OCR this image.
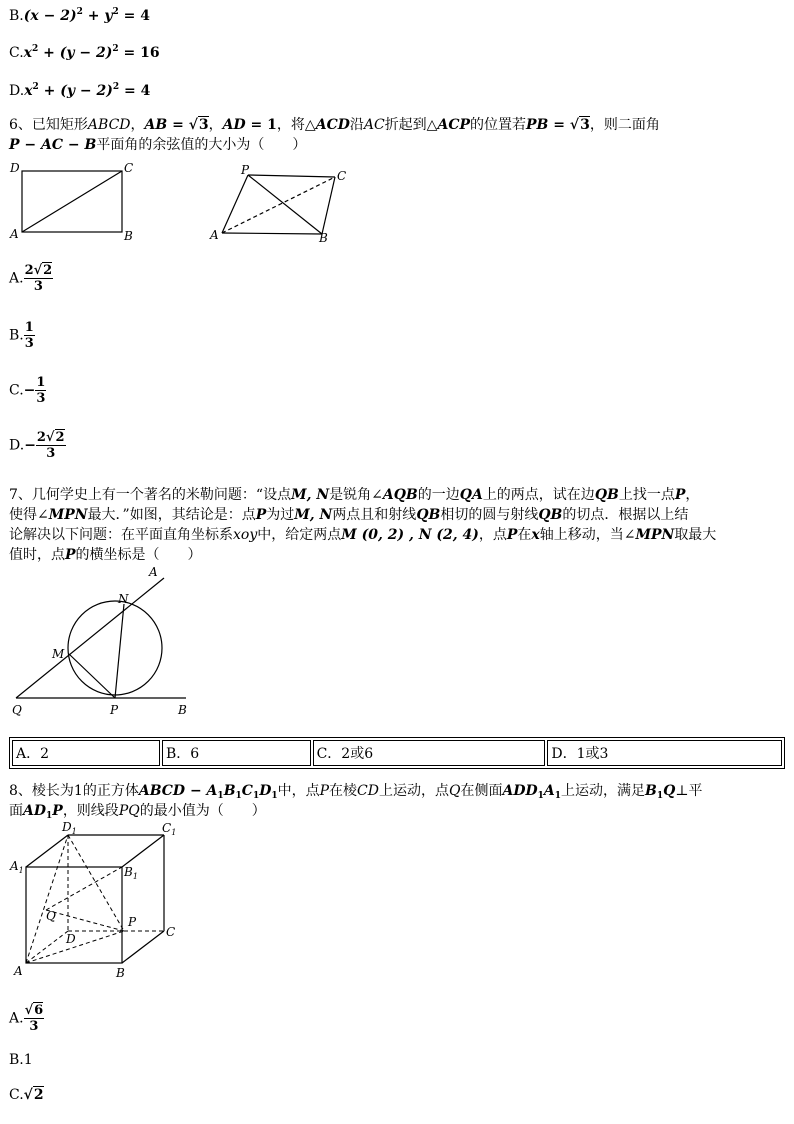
$B.(x - 2)^2 + y^2 = 4$
$C.x^2 + (y - 2)^2 = 16$
$D.x^2 + (y - 2)^2 = 4$
6、已知矩形ABCD，AB = √3，AD = 1，将△ACD沿AC折起到△ACP的位置若PB = √3，则二面角
P − AC − B平面角的余弦值的大小为（　　）
D	C
A	B
P	C
A	B
A. $\frac{2√2}{3}$
B. $\frac{1}{3}$
$C.- \frac{1}{3}$
$D.- \frac{2√2}{3}$
7、几何学史上有一个著名的米勒问题：“设点M, N是锐角∠AQB的一边QA上的两点，试在边QB上找一点P，
使得∠MPN最大．”如图，其结论是：点P为过M, N两点且和射线QB相切的圆与射线QB的切点．根据以上结
论解决以下问题：在平面直角坐标系xoy中，给定两点M (0, 2) , N (2, 4)，点P在x轴上移动，当∠MPN取最大
值时，点P的横坐标是（　　）
A
N
M
Q	P	B
A．2	B．6	C．2或6	D．1或3
8、棱长为1的正方体ABCD − $A_1B_1C_1D_1$中，点P在棱CD上运动，点Q在侧面$ADD_1A_1$上运动，满足$B_1Q\perp$平
面$AD_1P$，则线段PQ的最小值为（　　）
$D_1$	$C_1$
$A_1$	$B_1$
Q	P
D	C
A	B
A. $\frac{√6}{3}$
B.1
C.√2
